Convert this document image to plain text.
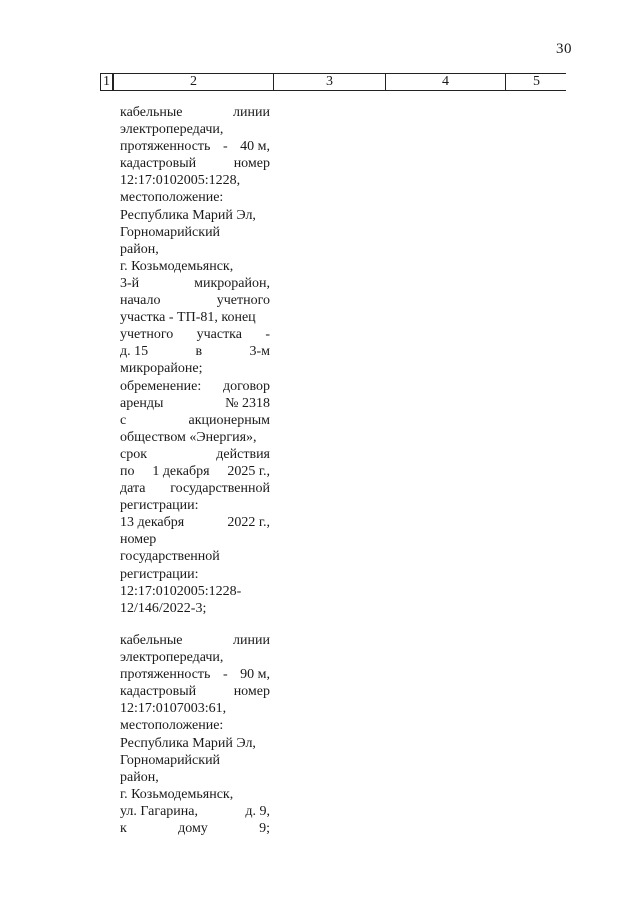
30
1	2	3	4	5
кабельные	линии
электропередачи,
протяженность - 40 м,
кадастровый	номер
12:17:0102005:1228,
местоположение:
Республика Марий Эл,
Горномарийский
район,
г. Козьмодемьянск,
3-й	микрорайон,
начало	учетного
участка - ТП-81, конец
учетного участка -
д. 15	в	3-м
микрорайоне;
обременение: договор
аренды	№ 2318
с	акционерным
обществом «Энергия»,
срок	действия
по 1 декабря 2025 г.,
дата государственной
регистрации:
13 декабря	2022 г.,
номер
государственной
регистрации:
12:17:0102005:1228-
12/146/2022-3;
кабельные	линии
электропередачи,
протяженность - 90 м,
кадастровый	номер
12:17:0107003:61,
местоположение:
Республика Марий Эл,
Горномарийский
район,
г. Козьмодемьянск,
ул. Гагарина,	д. 9,
к	дому	9;
